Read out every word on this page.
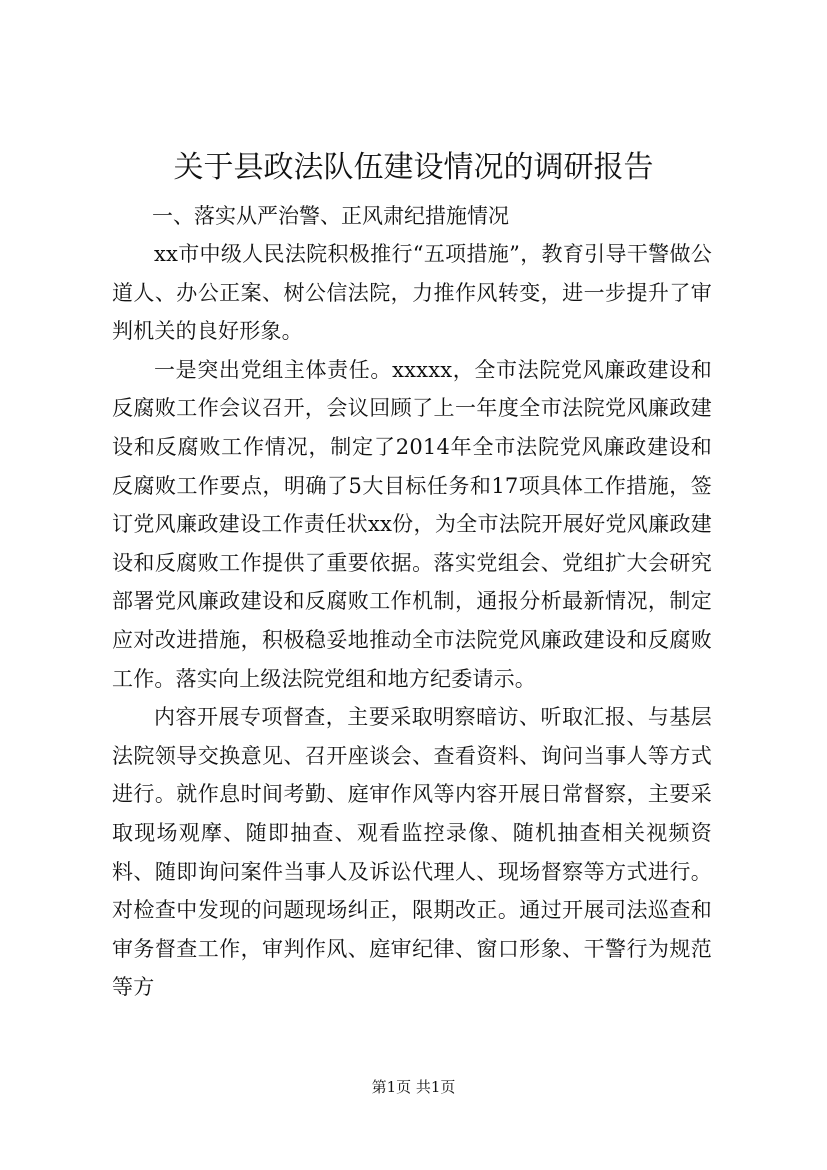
关于县政法队伍建设情况的调研报告

一、落实从严治警、正风肃纪措施情况

xx市中级人民法院积极推行“五项措施”，教育引导干警做公道人、办公正案、树公信法院，力推作风转变，进一步提升了审判机关的良好形象。

一是突出党组主体责任。xxxxx，全市法院党风廉政建设和反腐败工作会议召开，会议回顾了上一年度全市法院党风廉政建设和反腐败工作情况，制定了2014年全市法院党风廉政建设和反腐败工作要点，明确了5大目标任务和17项具体工作措施，签订党风廉政建设工作责任状xx份，为全市法院开展好党风廉政建设和反腐败工作提供了重要依据。落实党组会、党组扩大会研究部署党风廉政建设和反腐败工作机制，通报分析最新情况，制定应对改进措施，积极稳妥地推动全市法院党风廉政建设和反腐败工作。落实向上级法院党组和地方纪委请示。

内容开展专项督查，主要采取明察暗访、听取汇报、与基层法院领导交换意见、召开座谈会、查看资料、询问当事人等方式进行。就作息时间考勤、庭审作风等内容开展日常督察，主要采取现场观摩、随即抽查、观看监控录像、随机抽查相关视频资料、随即询问案件当事人及诉讼代理人、现场督察等方式进行。对检查中发现的问题现场纠正，限期改正。通过开展司法巡查和审务督查工作，审判作风、庭审纪律、窗口形象、干警行为规范等方

第1页 共1页
